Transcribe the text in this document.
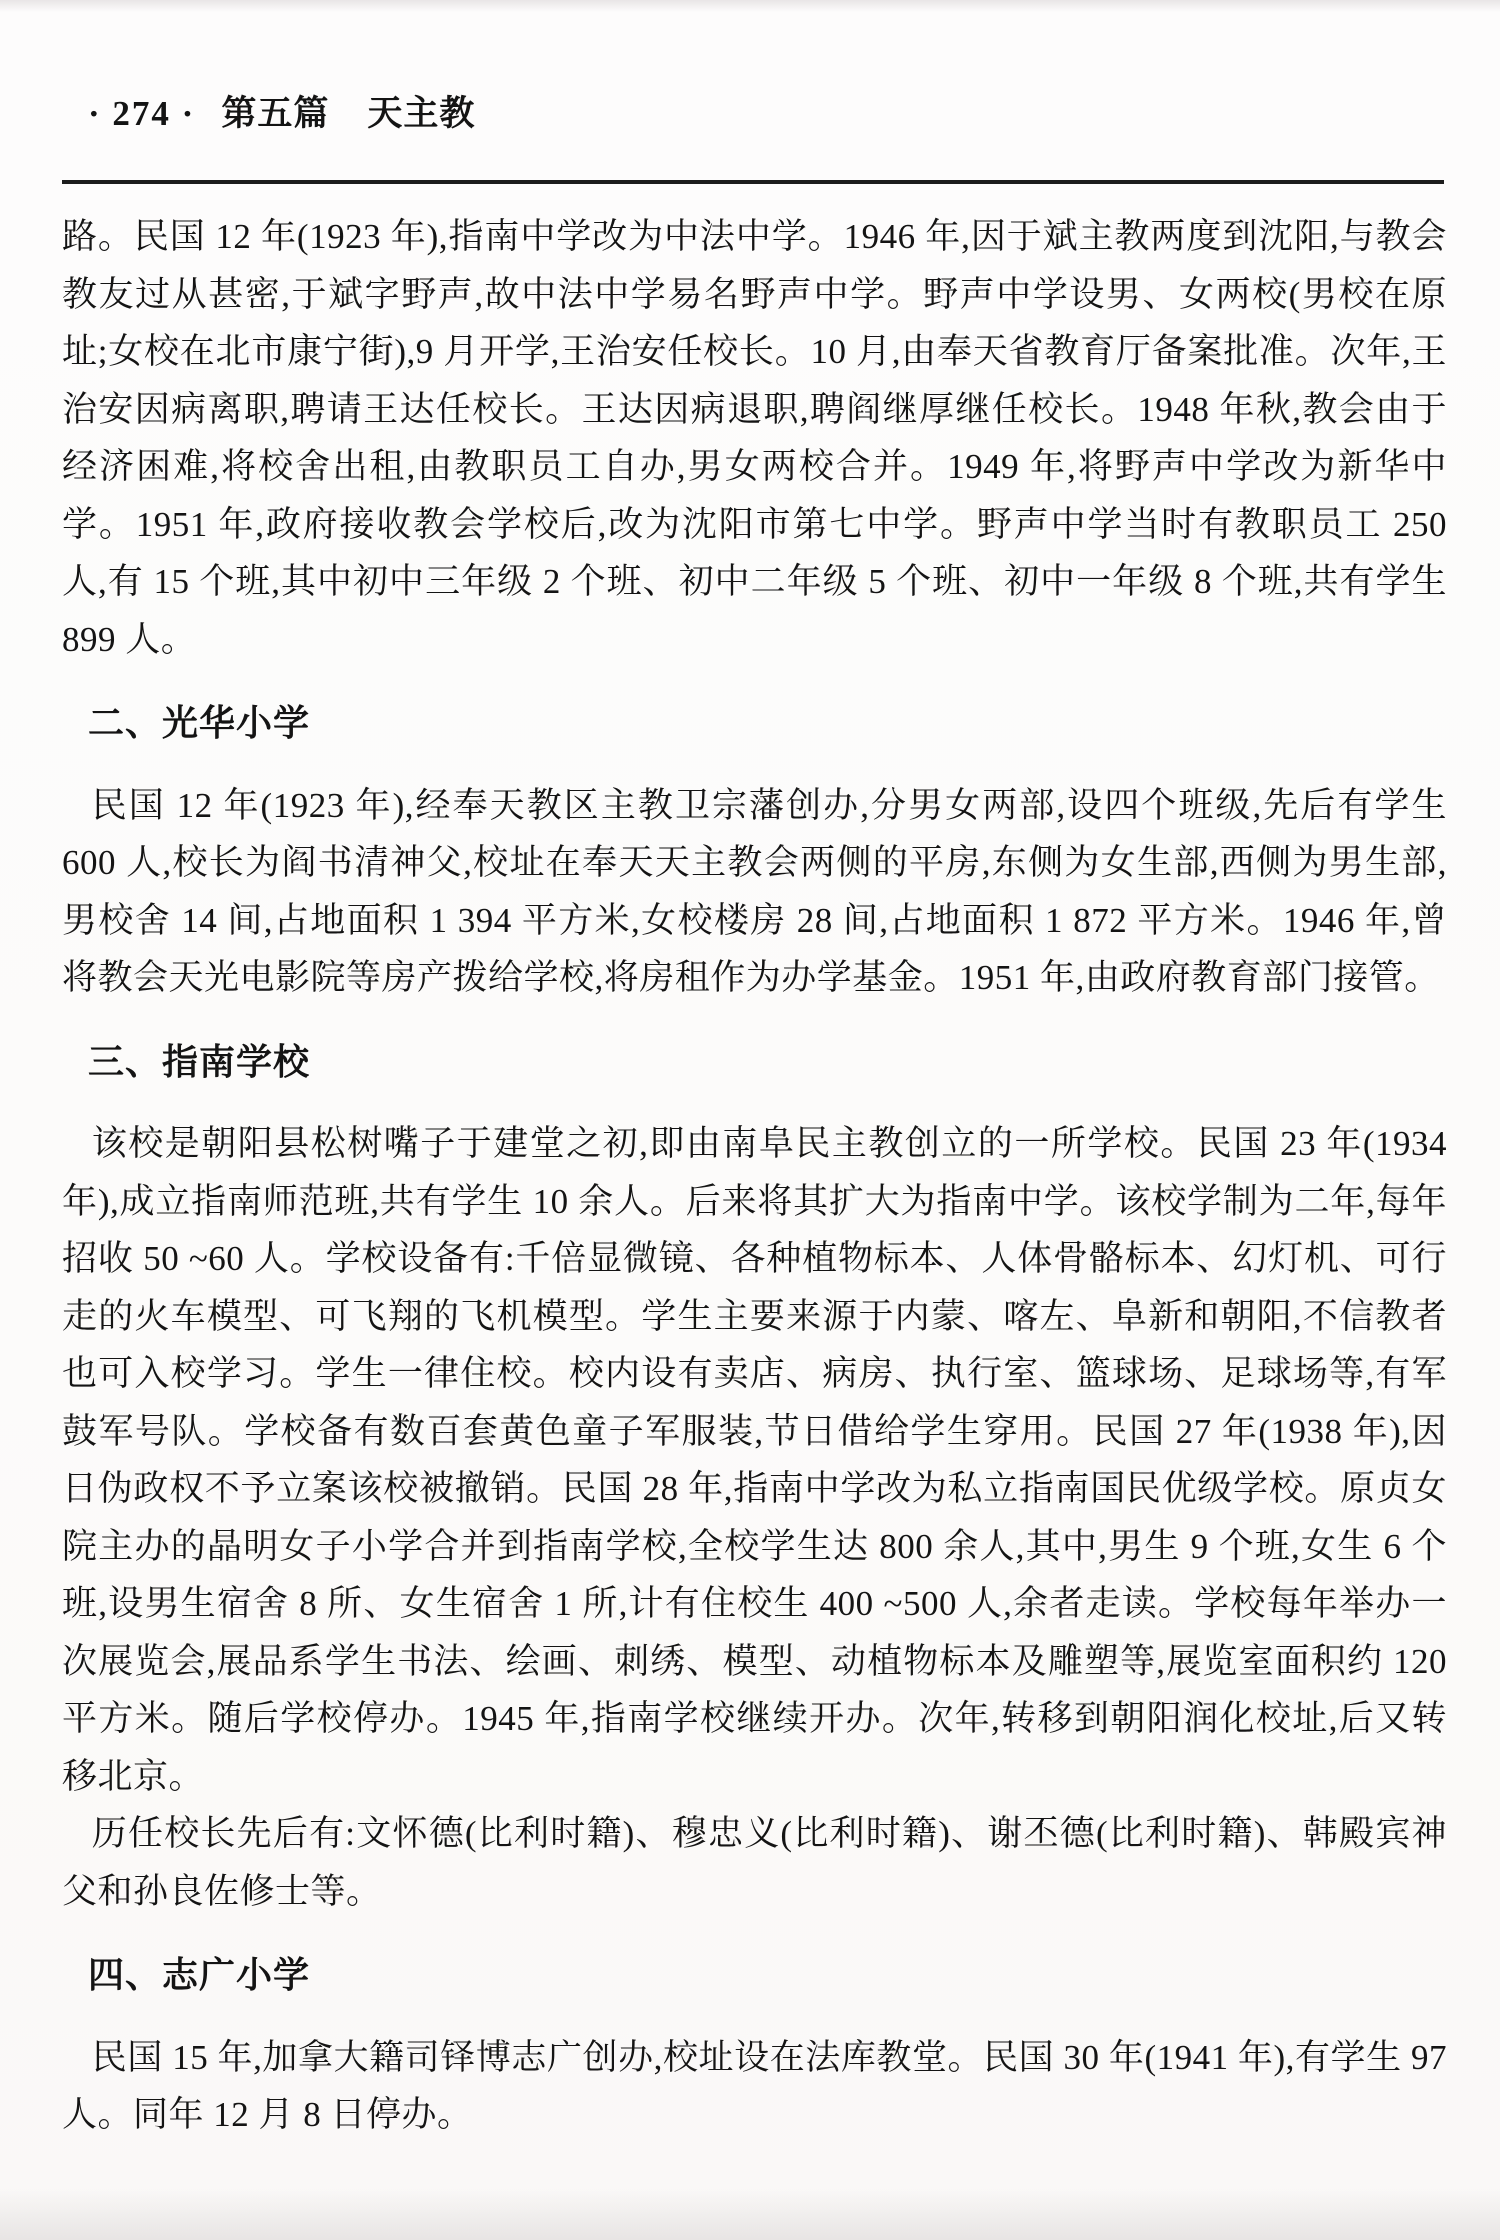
· 274 · 第五篇 天主教

路。民国 12 年(1923 年),指南中学改为中法中学。1946 年,因于斌主教两度到沈阳,与教会教友过从甚密,于斌字野声,故中法中学易名野声中学。野声中学设男、女两校(男校在原址;女校在北市康宁街),9 月开学,王治安任校长。10 月,由奉天省教育厅备案批准。次年,王治安因病离职,聘请王达任校长。王达因病退职,聘阎继厚继任校长。1948 年秋,教会由于经济困难,将校舍出租,由教职员工自办,男女两校合并。1949 年,将野声中学改为新华中学。1951 年,政府接收教会学校后,改为沈阳市第七中学。野声中学当时有教职员工 250 人,有 15 个班,其中初中三年级 2 个班、初中二年级 5 个班、初中一年级 8 个班,共有学生 899 人。

二、光华小学

民国 12 年(1923 年),经奉天教区主教卫宗藩创办,分男女两部,设四个班级,先后有学生 600 人,校长为阎书清神父,校址在奉天天主教会两侧的平房,东侧为女生部,西侧为男生部,男校舍 14 间,占地面积 1 394 平方米,女校楼房 28 间,占地面积 1 872 平方米。1946 年,曾将教会天光电影院等房产拨给学校,将房租作为办学基金。1951 年,由政府教育部门接管。

三、指南学校

该校是朝阳县松树嘴子于建堂之初,即由南阜民主教创立的一所学校。民国 23 年(1934 年),成立指南师范班,共有学生 10 余人。后来将其扩大为指南中学。该校学制为二年,每年招收 50 ~60 人。学校设备有:千倍显微镜、各种植物标本、人体骨骼标本、幻灯机、可行走的火车模型、可飞翔的飞机模型。学生主要来源于内蒙、喀左、阜新和朝阳,不信教者也可入校学习。学生一律住校。校内设有卖店、病房、执行室、篮球场、足球场等,有军鼓军号队。学校备有数百套黄色童子军服装,节日借给学生穿用。民国 27 年(1938 年),因日伪政权不予立案该校被撤销。民国 28 年,指南中学改为私立指南国民优级学校。原贞女院主办的晶明女子小学合并到指南学校,全校学生达 800 余人,其中,男生 9 个班,女生 6 个班,设男生宿舍 8 所、女生宿舍 1 所,计有住校生 400 ~500 人,余者走读。学校每年举办一次展览会,展品系学生书法、绘画、刺绣、模型、动植物标本及雕塑等,展览室面积约 120 平方米。随后学校停办。1945 年,指南学校继续开办。次年,转移到朝阳润化校址,后又转移北京。

历任校长先后有:文怀德(比利时籍)、穆忠义(比利时籍)、谢丕德(比利时籍)、韩殿宾神父和孙良佐修士等。

四、志广小学

民国 15 年,加拿大籍司铎博志广创办,校址设在法库教堂。民国 30 年(1941 年),有学生 97 人。同年 12 月 8 日停办。
